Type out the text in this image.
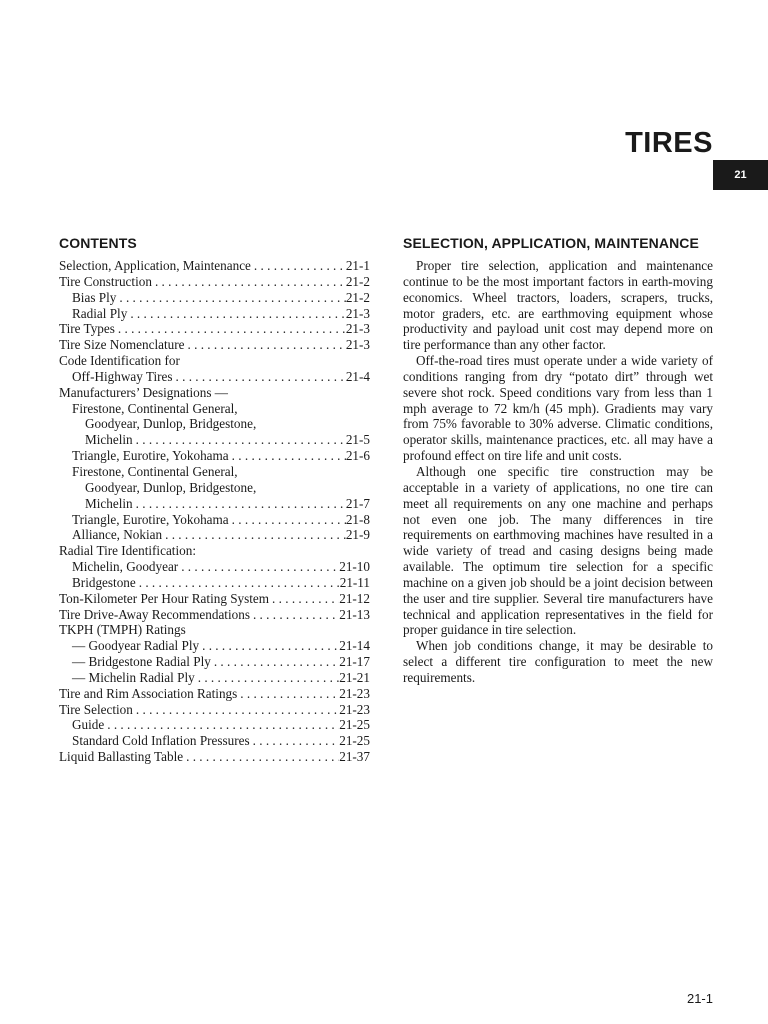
TIRES
21
CONTENTS
Selection, Application, Maintenance . . .	21-1
Tire Construction . . .	21-2
Bias Ply . . .	21-2
Radial Ply . . .	21-3
Tire Types . . .	21-3
Tire Size Nomenclature . . .	21-3
Code Identification for
Off-Highway Tires . . .	21-4
Manufacturers’ Designations —
Firestone, Continental General,
Goodyear, Dunlop, Bridgestone,
Michelin . . .	21-5
Triangle, Eurotire, Yokohama . . .	21-6
Firestone, Continental General,
Goodyear, Dunlop, Bridgestone,
Michelin . . .	21-7
Triangle, Eurotire, Yokohama . . .	21-8
Alliance, Nokian . . .	21-9
Radial Tire Identification:
Michelin, Goodyear . . .	21-10
Bridgestone . . .	21-11
Ton-Kilometer Per Hour Rating System . . .	21-12
Tire Drive-Away Recommendations . . .	21-13
TKPH (TMPH) Ratings
— Goodyear Radial Ply . . .	21-14
— Bridgestone Radial Ply . . .	21-17
— Michelin Radial Ply . . .	21-21
Tire and Rim Association Ratings . . .	21-23
Tire Selection . . .	21-23
Guide . . .	21-25
Standard Cold Inflation Pressures . . .	21-25
Liquid Ballasting Table . . .	21-37
SELECTION, APPLICATION, MAINTENANCE

Proper tire selection, application and maintenance continue to be the most important factors in earth-moving economics. Wheel tractors, loaders, scrapers, trucks, motor graders, etc. are earthmoving equipment whose productivity and payload unit cost may depend more on tire performance than any other factor.

Off-the-road tires must operate under a wide variety of conditions ranging from dry “potato dirt” through wet severe shot rock. Speed conditions vary from less than 1 mph average to 72 km/h (45 mph). Gradients may vary from 75% favorable to 30% adverse. Climatic conditions, operator skills, maintenance practices, etc. all may have a profound effect on tire life and unit costs.

Although one specific tire construction may be acceptable in a variety of applications, no one tire can meet all requirements on any one machine and perhaps not even one job. The many differences in tire requirements on earthmoving machines have resulted in a wide variety of tread and casing designs being made available. The optimum tire selection for a specific machine on a given job should be a joint decision between the user and tire supplier. Several tire manufacturers have technical and application representatives in the field for proper guidance in tire selection.

When job conditions change, it may be desirable to select a different tire configuration to meet the new requirements.

21-1
